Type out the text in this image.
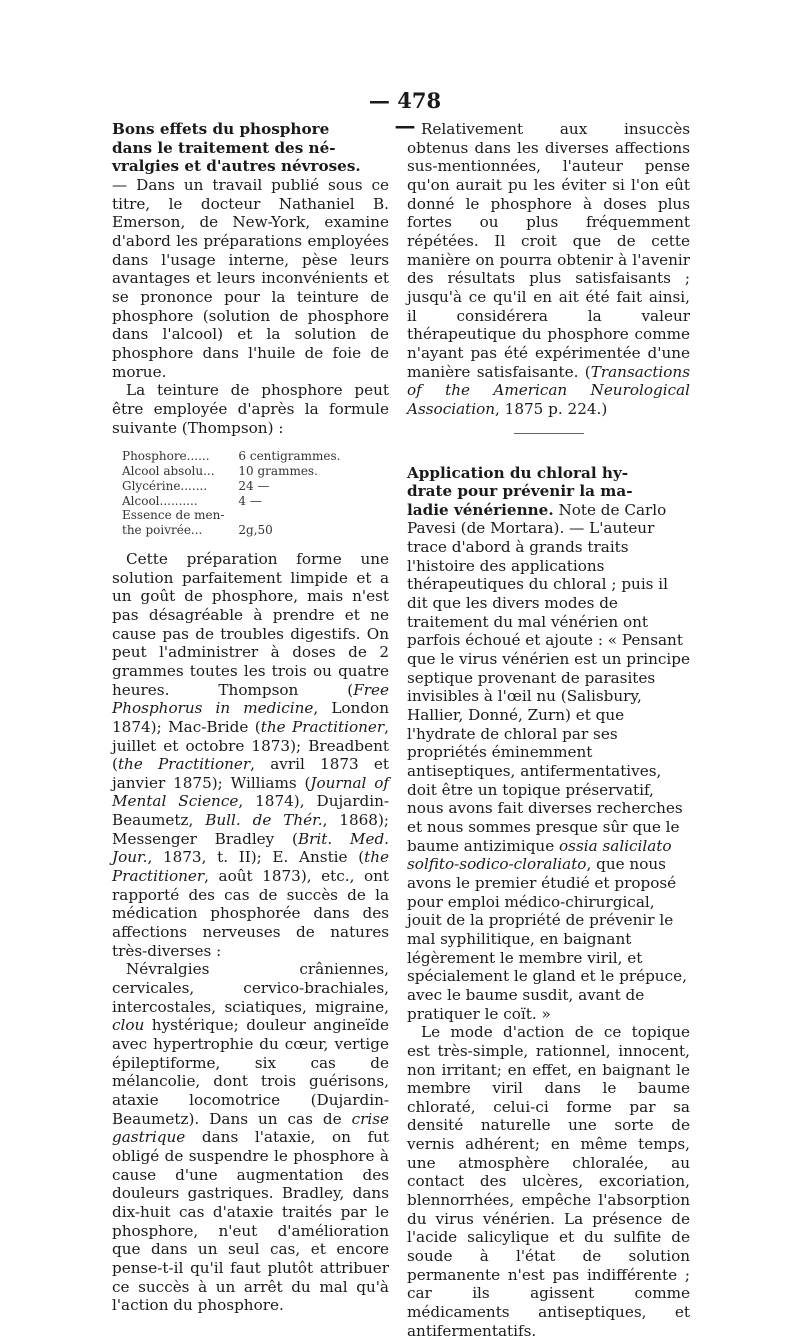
— 478 —

Bons effets du phosphore
dans le traitement des né-
vralgies et d'autres névroses.

— Dans un travail publié sous ce titre, le docteur Nathaniel B. Emerson, de New-York, examine d'abord les préparations employées dans l'usage interne, pèse leurs avantages et leurs inconvénients et se prononce pour la teinture de phosphore (solution de phosphore dans l'alcool) et la solution de phosphore dans l'huile de foie de morue.

La teinture de phosphore peut être employée d'après la formule suivante (Thompson) :

Phosphore......	6 centigrammes.
Alcool absolu...	10 grammes.
Glycérine.......	24 —
Alcool..........	4 —
Essence de men-	
the poivrée...	2g,50

Cette préparation forme une solution parfaitement limpide et a un goût de phosphore, mais n'est pas désagréable à prendre et ne cause pas de troubles digestifs. On peut l'administrer à doses de 2 grammes toutes les trois ou quatre heures. Thompson (Free Phosphorus in medicine, London 1874); Mac-Bride (the Practitioner, juillet et octobre 1873); Breadbent (the Practitioner, avril 1873 et janvier 1875); Williams (Journal of Mental Science, 1874), Dujardin-Beaumetz, Bull. de Thér., 1868); Messenger Bradley (Brit. Med. Jour., 1873, t. II); E. Anstie (the Practitioner, août 1873), etc., ont rapporté des cas de succès de la médication phosphorée dans des affections nerveuses de natures très-diverses :

Névralgies crâniennes, cervicales, cervico-brachiales, intercostales, sciatiques, migraine, clou hystérique; douleur angineïde avec hypertrophie du cœur, vertige épileptiforme, six cas de mélancolie, dont trois guérisons, ataxie locomotrice (Dujardin-Beaumetz). Dans un cas de crise gastrique dans l'ataxie, on fut obligé de suspendre le phosphore à cause d'une augmentation des douleurs gastriques. Bradley, dans dix-huit cas d'ataxie traités par le phosphore, n'eut d'amélioration que dans un seul cas, et encore pense-t-il qu'il faut plutôt attribuer ce succès à un arrêt du mal qu'à l'action du phosphore.

Relativement aux insuccès obtenus dans les diverses affections sus-mentionnées, l'auteur pense qu'on aurait pu les éviter si l'on eût donné le phosphore à doses plus fortes ou plus fréquemment répétées. Il croit que de cette manière on pourra obtenir à l'avenir des résultats plus satisfaisants ; jusqu'à ce qu'il en ait été fait ainsi, il considérera la valeur thérapeutique du phosphore comme n'ayant pas été expérimentée d'une manière satisfaisante. (Transactions of the American Neurological Association, 1875 p. 224.)

Application du chloral hy-
drate pour prévenir la ma-
ladie vénérienne. Note de Carlo Pavesi (de Mortara). — L'auteur trace d'abord à grands traits l'histoire des applications thérapeutiques du chloral ; puis il dit que les divers modes de traitement du mal vénérien ont parfois échoué et ajoute : « Pensant que le virus vénérien est un principe septique provenant de parasites invisibles à l'œil nu (Salisbury, Hallier, Donné, Zurn) et que l'hydrate de chloral par ses propriétés éminemment antiseptiques, antifermentatives, doit être un topique préservatif, nous avons fait diverses recherches et nous sommes presque sûr que le baume antizimique ossia salicilato solfito-sodico-cloraliato, que nous avons le premier étudié et proposé pour emploi médico-chirurgical, jouit de la propriété de prévenir le mal syphilitique, en baignant légèrement le membre viril, et spécialement le gland et le prépuce, avec le baume susdit, avant de pratiquer le coït. »

Le mode d'action de ce topique est très-simple, rationnel, innocent, non irritant; en effet, en baignant le membre viril dans le baume chloraté, celui-ci forme par sa densité naturelle une sorte de vernis adhérent; en même temps, une atmosphère chloralée, au contact des ulcères, excoriation, blennorrhées, empêche l'absorption du virus vénérien. La présence de l'acide salicylique et du sulfite de soude à l'état de solution permanente n'est pas indifférente ; car ils agissent comme médicaments antiseptiques, et antifermentatifs.
